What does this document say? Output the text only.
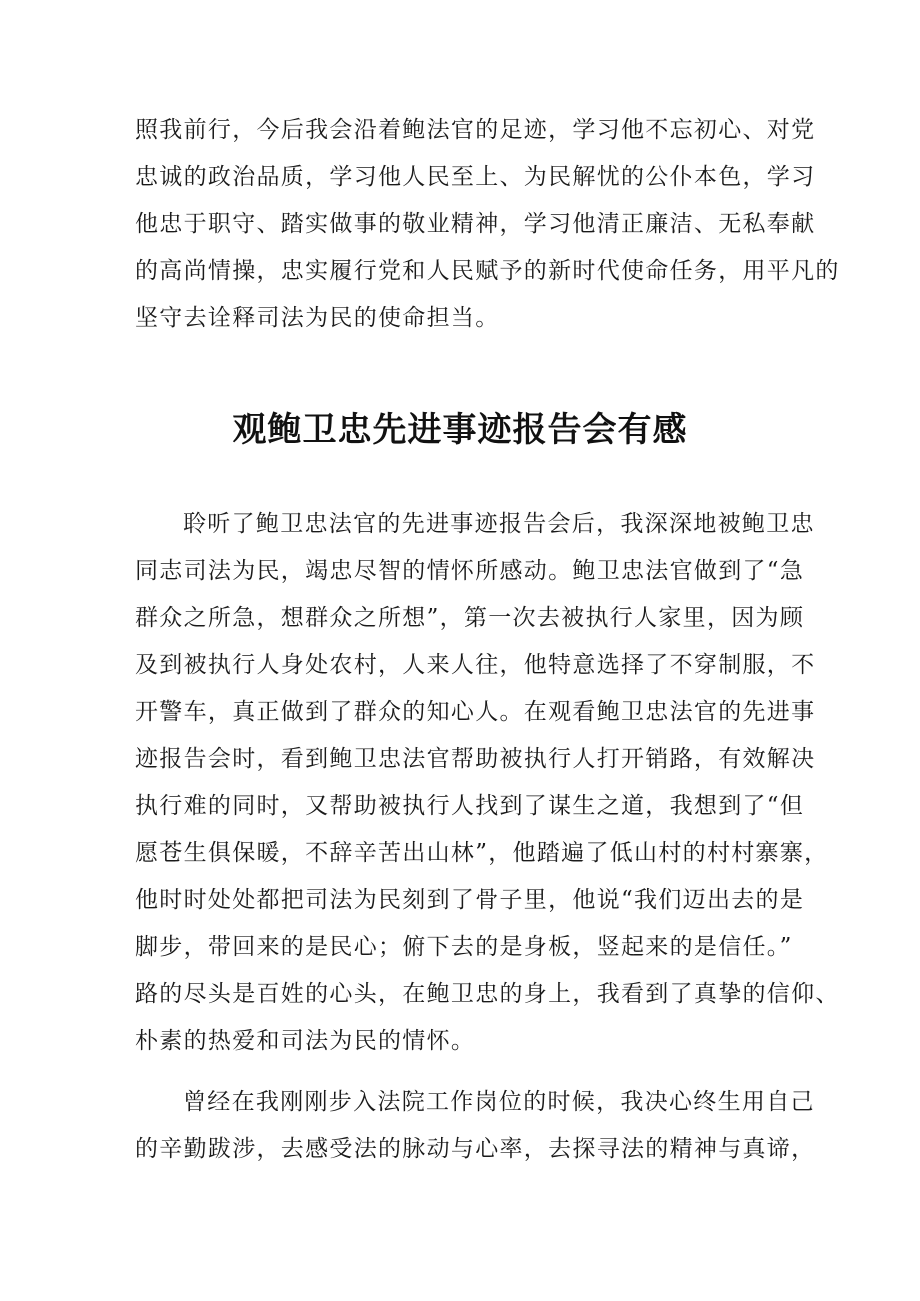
照我前行，今后我会沿着鲍法官的足迹，学习他不忘初心、对党
忠诚的政治品质，学习他人民至上、为民解忧的公仆本色，学习
他忠于职守、踏实做事的敬业精神，学习他清正廉洁、无私奉献
的高尚情操，忠实履行党和人民赋予的新时代使命任务，用平凡的
坚守去诠释司法为民的使命担当。
观鲍卫忠先进事迹报告会有感
聆听了鲍卫忠法官的先进事迹报告会后，我深深地被鲍卫忠
同志司法为民，竭忠尽智的情怀所感动。鲍卫忠法官做到了“急
群众之所急，想群众之所想”，第一次去被执行人家里，因为顾
及到被执行人身处农村，人来人往，他特意选择了不穿制服，不
开警车，真正做到了群众的知心人。在观看鲍卫忠法官的先进事
迹报告会时，看到鲍卫忠法官帮助被执行人打开销路，有效解决
执行难的同时，又帮助被执行人找到了谋生之道，我想到了“但
愿苍生俱保暖，不辞辛苦出山林”，他踏遍了低山村的村村寨寨，
他时时处处都把司法为民刻到了骨子里，他说“我们迈出去的是
脚步，带回来的是民心；俯下去的是身板，竖起来的是信任。”
路的尽头是百姓的心头，在鲍卫忠的身上，我看到了真挚的信仰、
朴素的热爱和司法为民的情怀。
曾经在我刚刚步入法院工作岗位的时候，我决心终生用自己
的辛勤跋涉，去感受法的脉动与心率，去探寻法的精神与真谛，
